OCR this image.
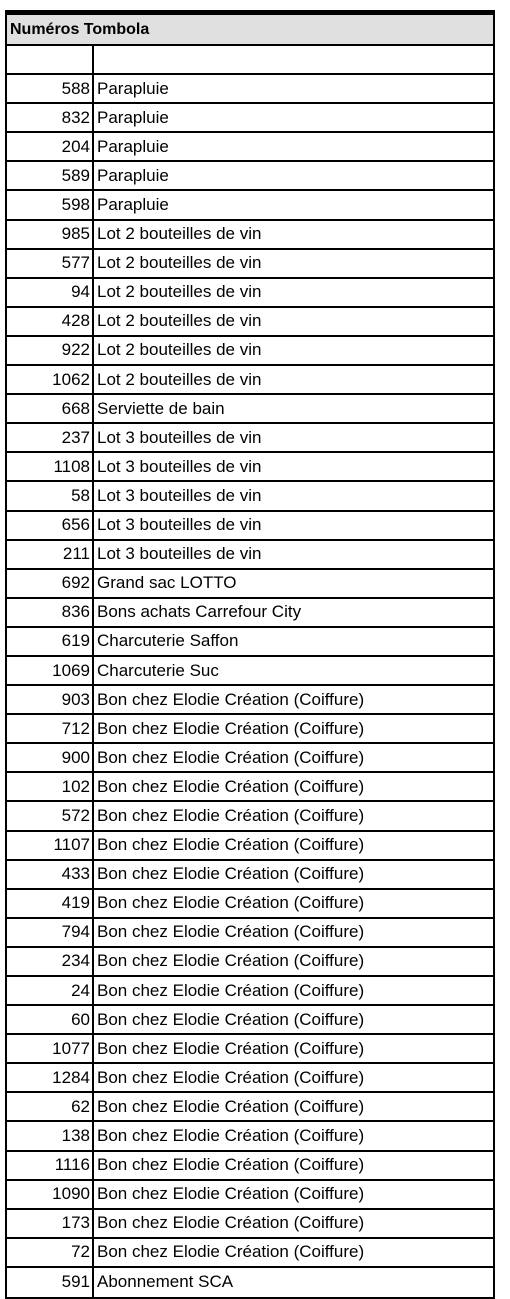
Numéros Tombola
588 Parapluie
832 Parapluie
204 Parapluie
589 Parapluie
598 Parapluie
985 Lot 2 bouteilles de vin
577 Lot 2 bouteilles de vin
94 Lot 2 bouteilles de vin
428 Lot 2 bouteilles de vin
922 Lot 2 bouteilles de vin
1062 Lot 2 bouteilles de vin
668 Serviette de bain
237 Lot 3 bouteilles de vin
1108 Lot 3 bouteilles de vin
58 Lot 3 bouteilles de vin
656 Lot 3 bouteilles de vin
211 Lot 3 bouteilles de vin
692 Grand sac LOTTO
836 Bons achats Carrefour City
619 Charcuterie Saffon
1069 Charcuterie Suc
903 Bon chez Elodie Création (Coiffure)
712 Bon chez Elodie Création (Coiffure)
900 Bon chez Elodie Création (Coiffure)
102 Bon chez Elodie Création (Coiffure)
572 Bon chez Elodie Création (Coiffure)
1107 Bon chez Elodie Création (Coiffure)
433 Bon chez Elodie Création (Coiffure)
419 Bon chez Elodie Création (Coiffure)
794 Bon chez Elodie Création (Coiffure)
234 Bon chez Elodie Création (Coiffure)
24 Bon chez Elodie Création (Coiffure)
60 Bon chez Elodie Création (Coiffure)
1077 Bon chez Elodie Création (Coiffure)
1284 Bon chez Elodie Création (Coiffure)
62 Bon chez Elodie Création (Coiffure)
138 Bon chez Elodie Création (Coiffure)
1116 Bon chez Elodie Création (Coiffure)
1090 Bon chez Elodie Création (Coiffure)
173 Bon chez Elodie Création (Coiffure)
72 Bon chez Elodie Création (Coiffure)
591 Abonnement SCA
